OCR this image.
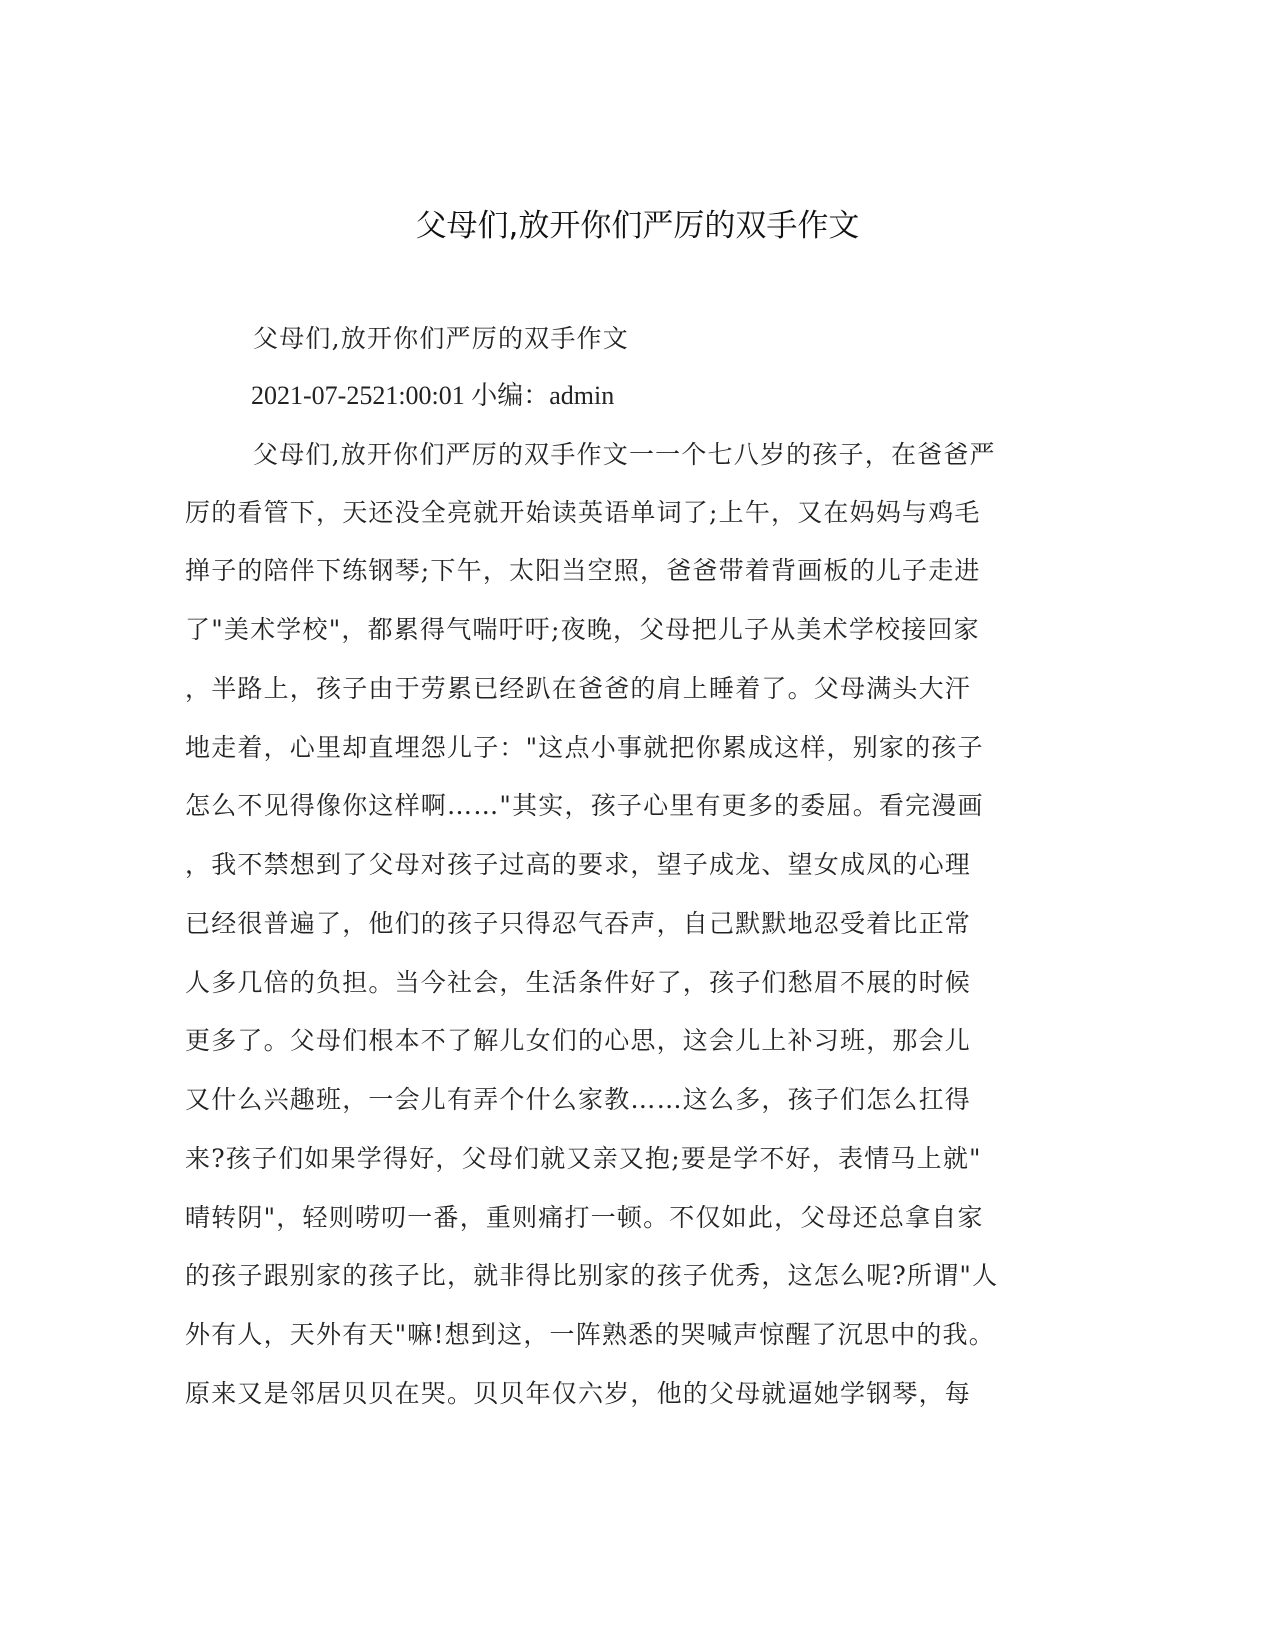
父母们,放开你们严厉的双手作文

父母们,放开你们严厉的双手作文

2021-07-2521:00:01 小编：admin

父母们,放开你们严厉的双手作文一一个七八岁的孩子，在爸爸严

厉的看管下，天还没全亮就开始读英语单词了;上午，又在妈妈与鸡毛

掸子的陪伴下练钢琴;下午，太阳当空照，爸爸带着背画板的儿子走进

了"美术学校"，都累得气喘吁吁;夜晚，父母把儿子从美术学校接回家

，半路上，孩子由于劳累已经趴在爸爸的肩上睡着了。父母满头大汗

地走着，心里却直埋怨儿子："这点小事就把你累成这样，别家的孩子

怎么不见得像你这样啊……"其实，孩子心里有更多的委屈。看完漫画

，我不禁想到了父母对孩子过高的要求，望子成龙、望女成凤的心理

已经很普遍了，他们的孩子只得忍气吞声，自己默默地忍受着比正常

人多几倍的负担。当今社会，生活条件好了，孩子们愁眉不展的时候

更多了。父母们根本不了解儿女们的心思，这会儿上补习班，那会儿

又什么兴趣班，一会儿有弄个什么家教……这么多，孩子们怎么扛得

来?孩子们如果学得好，父母们就又亲又抱;要是学不好，表情马上就"

晴转阴"，轻则唠叨一番，重则痛打一顿。不仅如此，父母还总拿自家

的孩子跟别家的孩子比，就非得比别家的孩子优秀，这怎么呢?所谓"人

外有人，天外有天"嘛!想到这，一阵熟悉的哭喊声惊醒了沉思中的我。

原来又是邻居贝贝在哭。贝贝年仅六岁，他的父母就逼她学钢琴，每
